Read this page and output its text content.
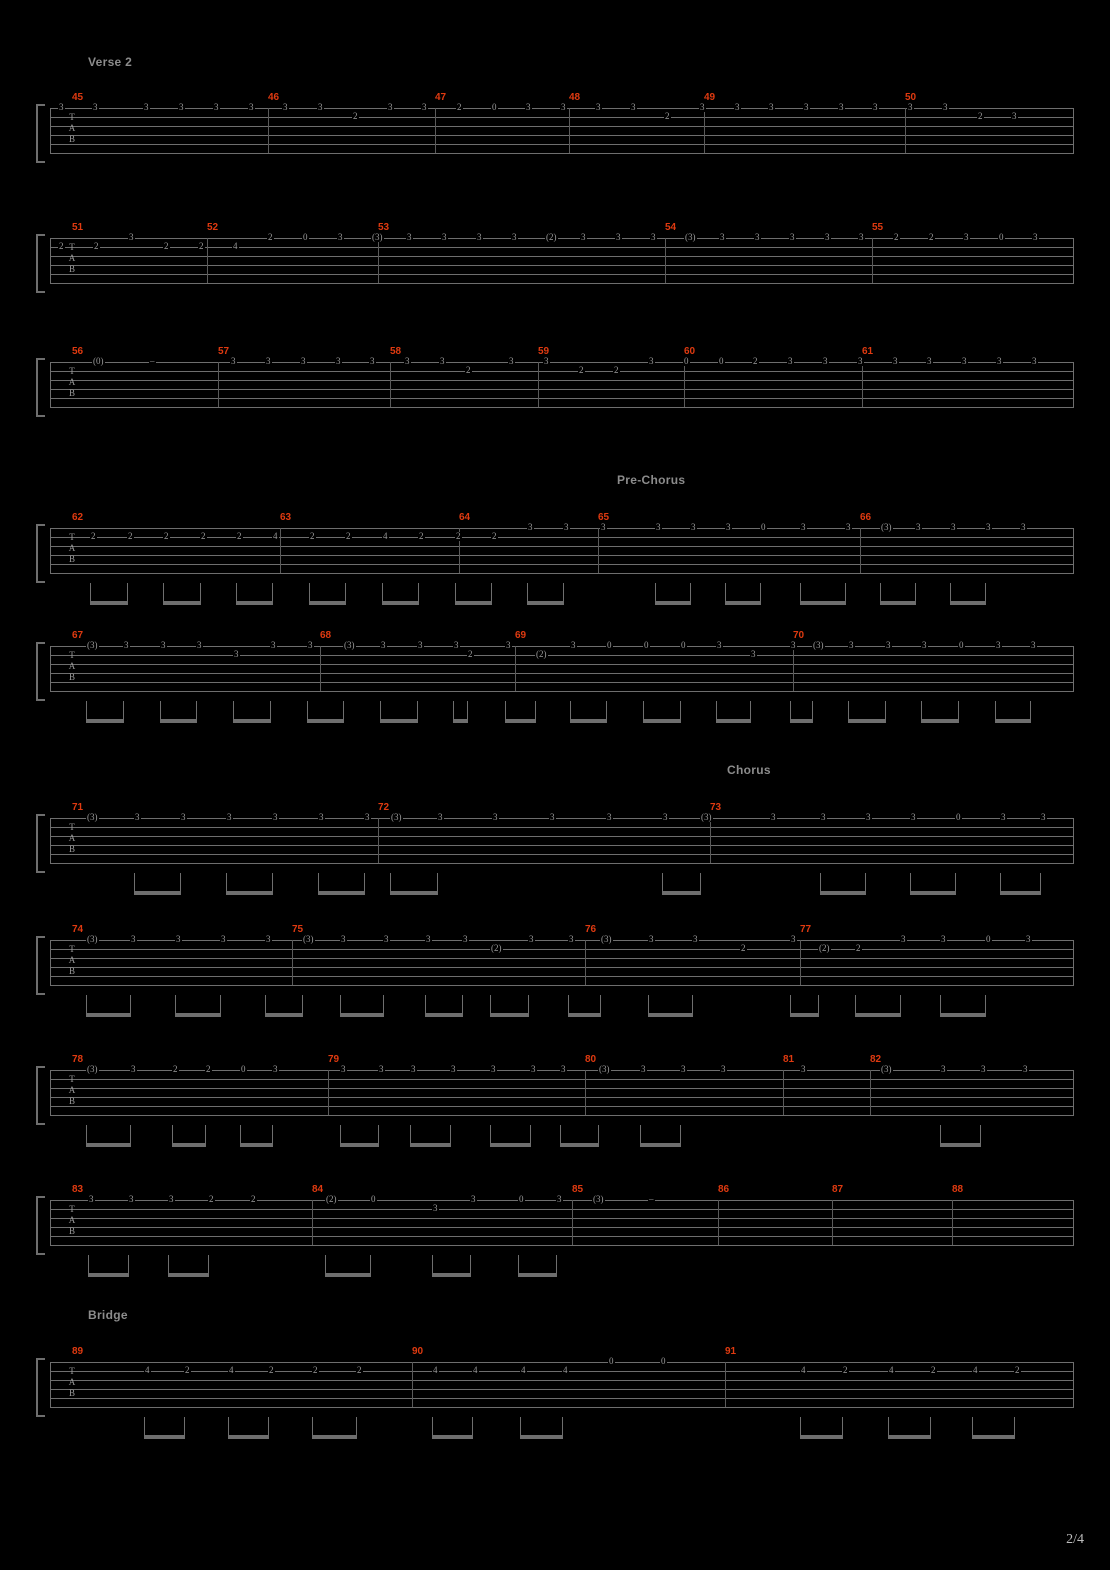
Verse 2
Pre-Chorus
Chorus
Bridge
T
A
B
3	3	3	3	3	3	3	3
2
3	3	2	0	3	3	3	3
2
3	3	3	3	3	3	3	3
2	3
45	46	47	48	49	50
T
A
B
2	2
3
2	2	4
2	0	3	(3)	3	3	3	3	(2)	3	3	3	(3)	3	3	3	3	3	2	2	3	0	3
51	52	53	54	55
T
A
B
(0)	–	3	3	3	3	3	3	3
2
3	3
2	2
3	0	0	2	3	3	3	3	3	3	3	3
56	57	58	59	60	61
T
A
B
2	2	2	2	2	4	2	2	4	2	2	2
3	3	3	3	3	3	0	3	3	(3)	3	3	3	3
62	63	64	65	66
T
A
B
(3)	3	3	3
3
3	3	(3)	3	3	3
2
3
(2)
3	0	0	0	3
3
3 (3)	3	3	3	0	3	3
67	68	69	70
T
A
B
(3)	3	3	3	3	3	3 (3)	3	3	3	3	3	(3)	3	3	3	3	0	3	3
71	72	73
T
A
B
(3)	3	3	3	3	(3)	3	3	3	3
(2)
3	3	(3)	3	3
2
3
(2)	2
3	3	0	3
74	75	76	77
T
A
B
(3)	3	2	2	0	3	3	3	3	3	3	3	3	(3)	3	3	3	3	(3)	3	3	3
78	79	80	81	82
T
A
B
3	3	3	2	2	(2)	0
3
3	0	3	(3)	–
83	84	85	86	87	88
T
A
B
4	2	4	2	2	2	4	4	4	4
0	0
4	2	4	2	4	2
89	90	91
2/4
